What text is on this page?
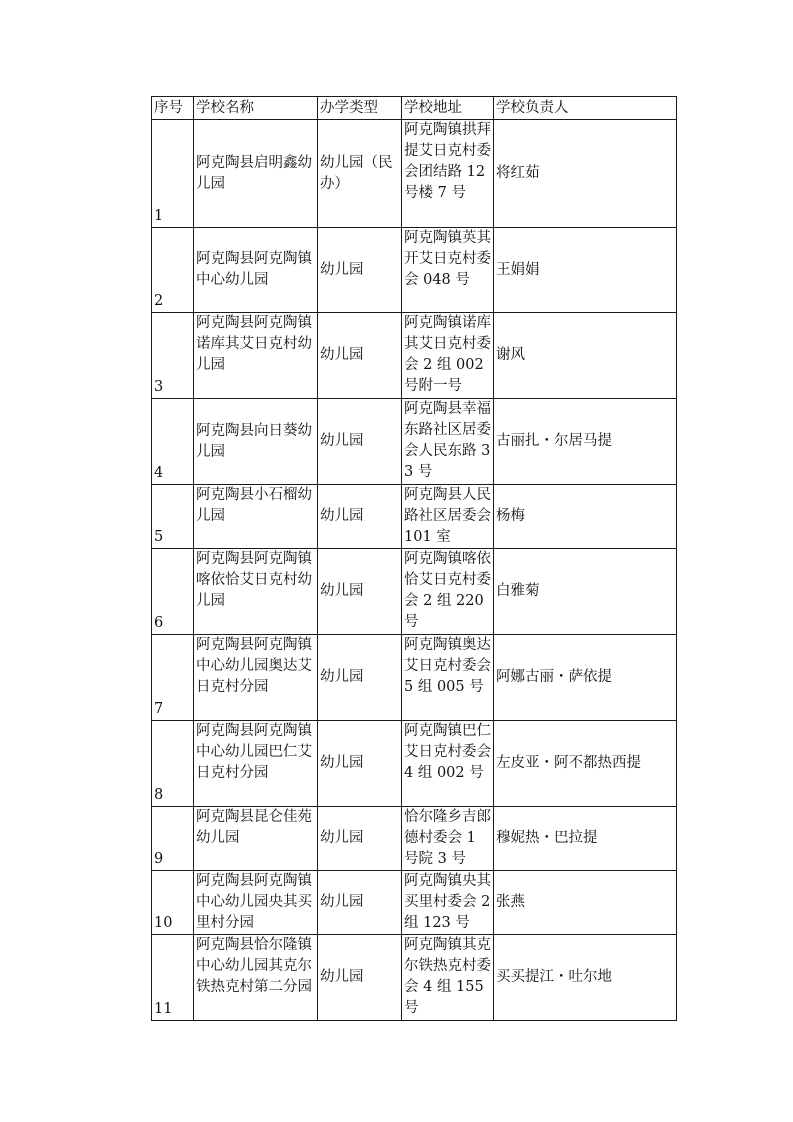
序号	学校名称	办学类型	学校地址	学校负责人
1	阿克陶县启明鑫幼儿园	幼儿园（民办）	阿克陶镇拱拜提艾日克村委会团结路 12 号楼 7 号	将红茹
2	阿克陶县阿克陶镇中心幼儿园	幼儿园	阿克陶镇英其开艾日克村委会 048 号	王娟娟
3	阿克陶县阿克陶镇诺库其艾日克村幼儿园	幼儿园	阿克陶镇诺库其艾日克村委会 2 组 002 号附一号	谢风
4	阿克陶县向日葵幼儿园	幼儿园	阿克陶县幸福东路社区居委会人民东路 33 号	古丽扎・尔居马提
5	阿克陶县小石榴幼儿园	幼儿园	阿克陶县人民路社区居委会 101 室	杨梅
6	阿克陶县阿克陶镇喀依恰艾日克村幼儿园	幼儿园	阿克陶镇喀依恰艾日克村委会 2 组 220 号	白雅菊
7	阿克陶县阿克陶镇中心幼儿园奥达艾日克村分园	幼儿园	阿克陶镇奥达艾日克村委会 5 组 005 号	阿娜古丽・萨依提
8	阿克陶县阿克陶镇中心幼儿园巴仁艾日克村分园	幼儿园	阿克陶镇巴仁艾日克村委会 4 组 002 号	左皮亚・阿不都热西提
9	阿克陶县昆仑佳苑幼儿园	幼儿园	恰尔隆乡吉郎德村委会 1 号院 3 号	穆妮热・巴拉提
10	阿克陶县阿克陶镇中心幼儿园央其买里村分园	幼儿园	阿克陶镇央其买里村委会 2 组 123 号	张燕
11	阿克陶县恰尔隆镇中心幼儿园其克尔铁热克村第二分园	幼儿园	阿克陶镇其克尔铁热克村委会 4 组 155 号	买买提江・吐尔地
